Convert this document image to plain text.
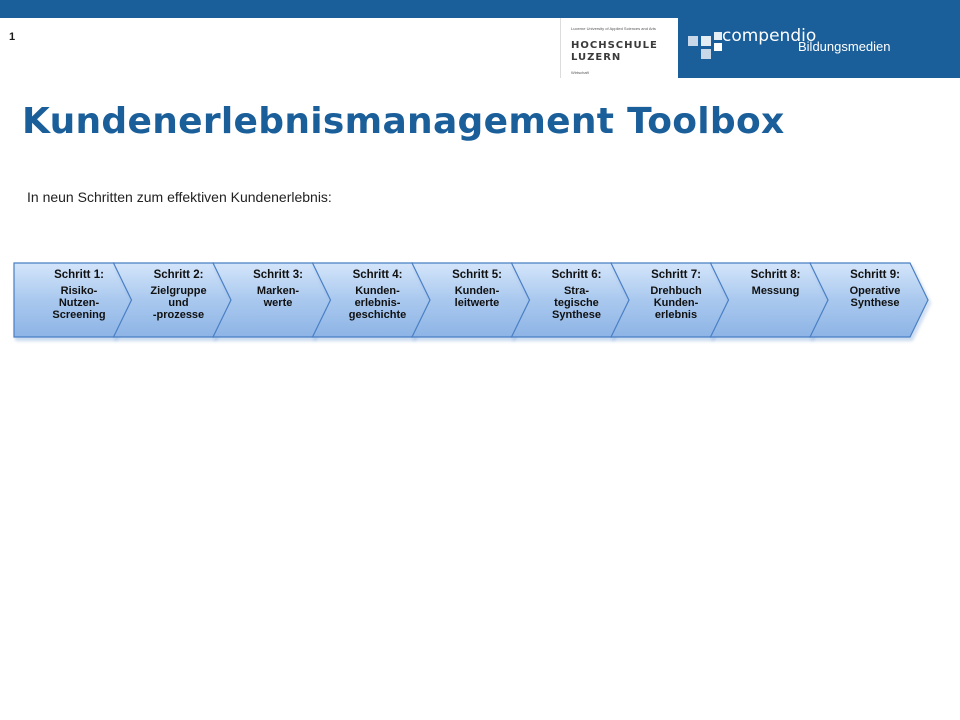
1
Lucerne University of Applied Sciences and Arts
HOCHSCHULE
LUZERN
Wirtschaft
compendio
Bildungsmedien
Kundenerlebnismanagement Toolbox
In neun Schritten zum effektiven Kundenerlebnis:
Schritt 1:
Risiko-
Nutzen-
Screening
Schritt 2:
Zielgruppe
und
-prozesse
Schritt 3:
Marken-
werte
Schritt 4:
Kunden-
erlebnis-
geschichte
Schritt 5:
Kunden-
leitwerte
Schritt 6:
Stra-
tegische
Synthese
Schritt 7:
Drehbuch
Kunden-
erlebnis
Schritt 8:
Messung
Schritt 9:
Operative
Synthese
